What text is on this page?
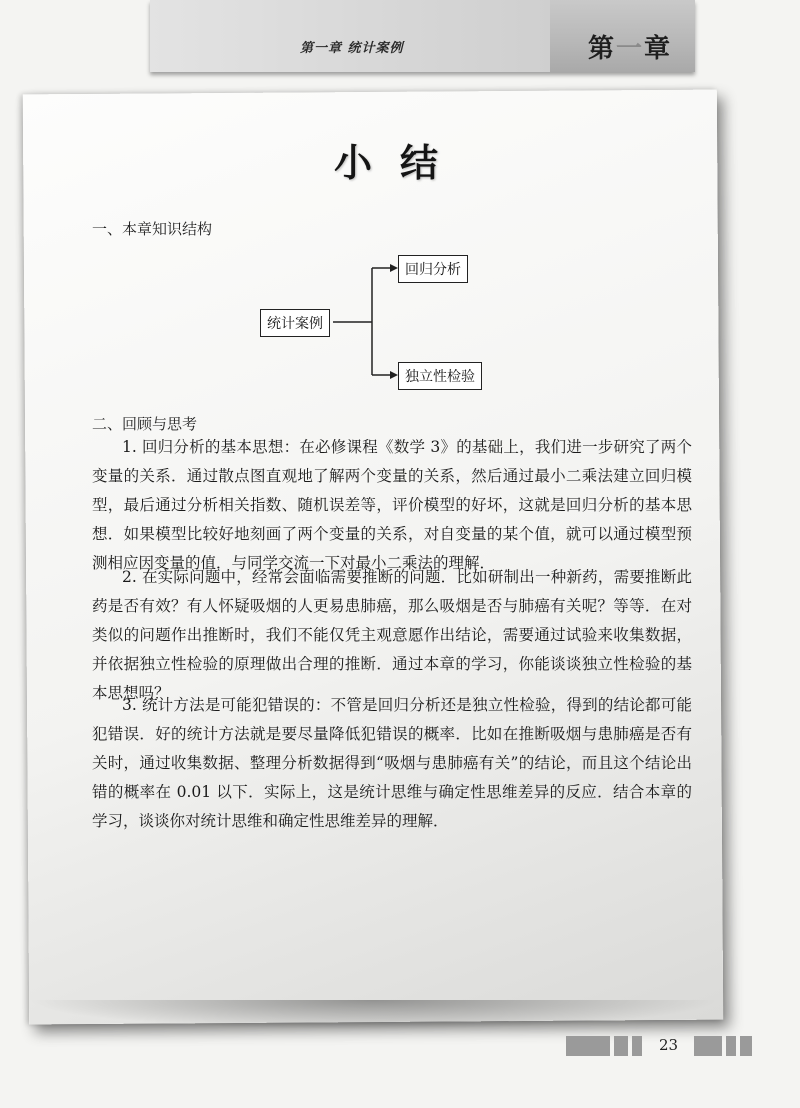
第一章 统计案例	第一章
小结
一、本章知识结构
统计案例
回归分析
独立性检验
二、回顾与思考
1. 回归分析的基本思想：在必修课程《数学 3》的基础上，我们进一步研究了两个变量的关系．通过散点图直观地了解两个变量的关系，然后通过最小二乘法建立回归模型，最后通过分析相关指数、随机误差等，评价模型的好坏，这就是回归分析的基本思想．如果模型比较好地刻画了两个变量的关系，对自变量的某个值，就可以通过模型预测相应因变量的值．与同学交流一下对最小二乘法的理解．
2. 在实际问题中，经常会面临需要推断的问题．比如研制出一种新药，需要推断此药是否有效？有人怀疑吸烟的人更易患肺癌，那么吸烟是否与肺癌有关呢？等等．在对类似的问题作出推断时，我们不能仅凭主观意愿作出结论，需要通过试验来收集数据，并依据独立性检验的原理做出合理的推断．通过本章的学习，你能谈谈独立性检验的基本思想吗？
3. 统计方法是可能犯错误的：不管是回归分析还是独立性检验，得到的结论都可能犯错误．好的统计方法就是要尽量降低犯错误的概率．比如在推断吸烟与患肺癌是否有关时，通过收集数据、整理分析数据得到“吸烟与患肺癌有关”的结论，而且这个结论出错的概率在 0.01 以下．实际上，这是统计思维与确定性思维差异的反应．结合本章的学习，谈谈你对统计思维和确定性思维差异的理解．
23
